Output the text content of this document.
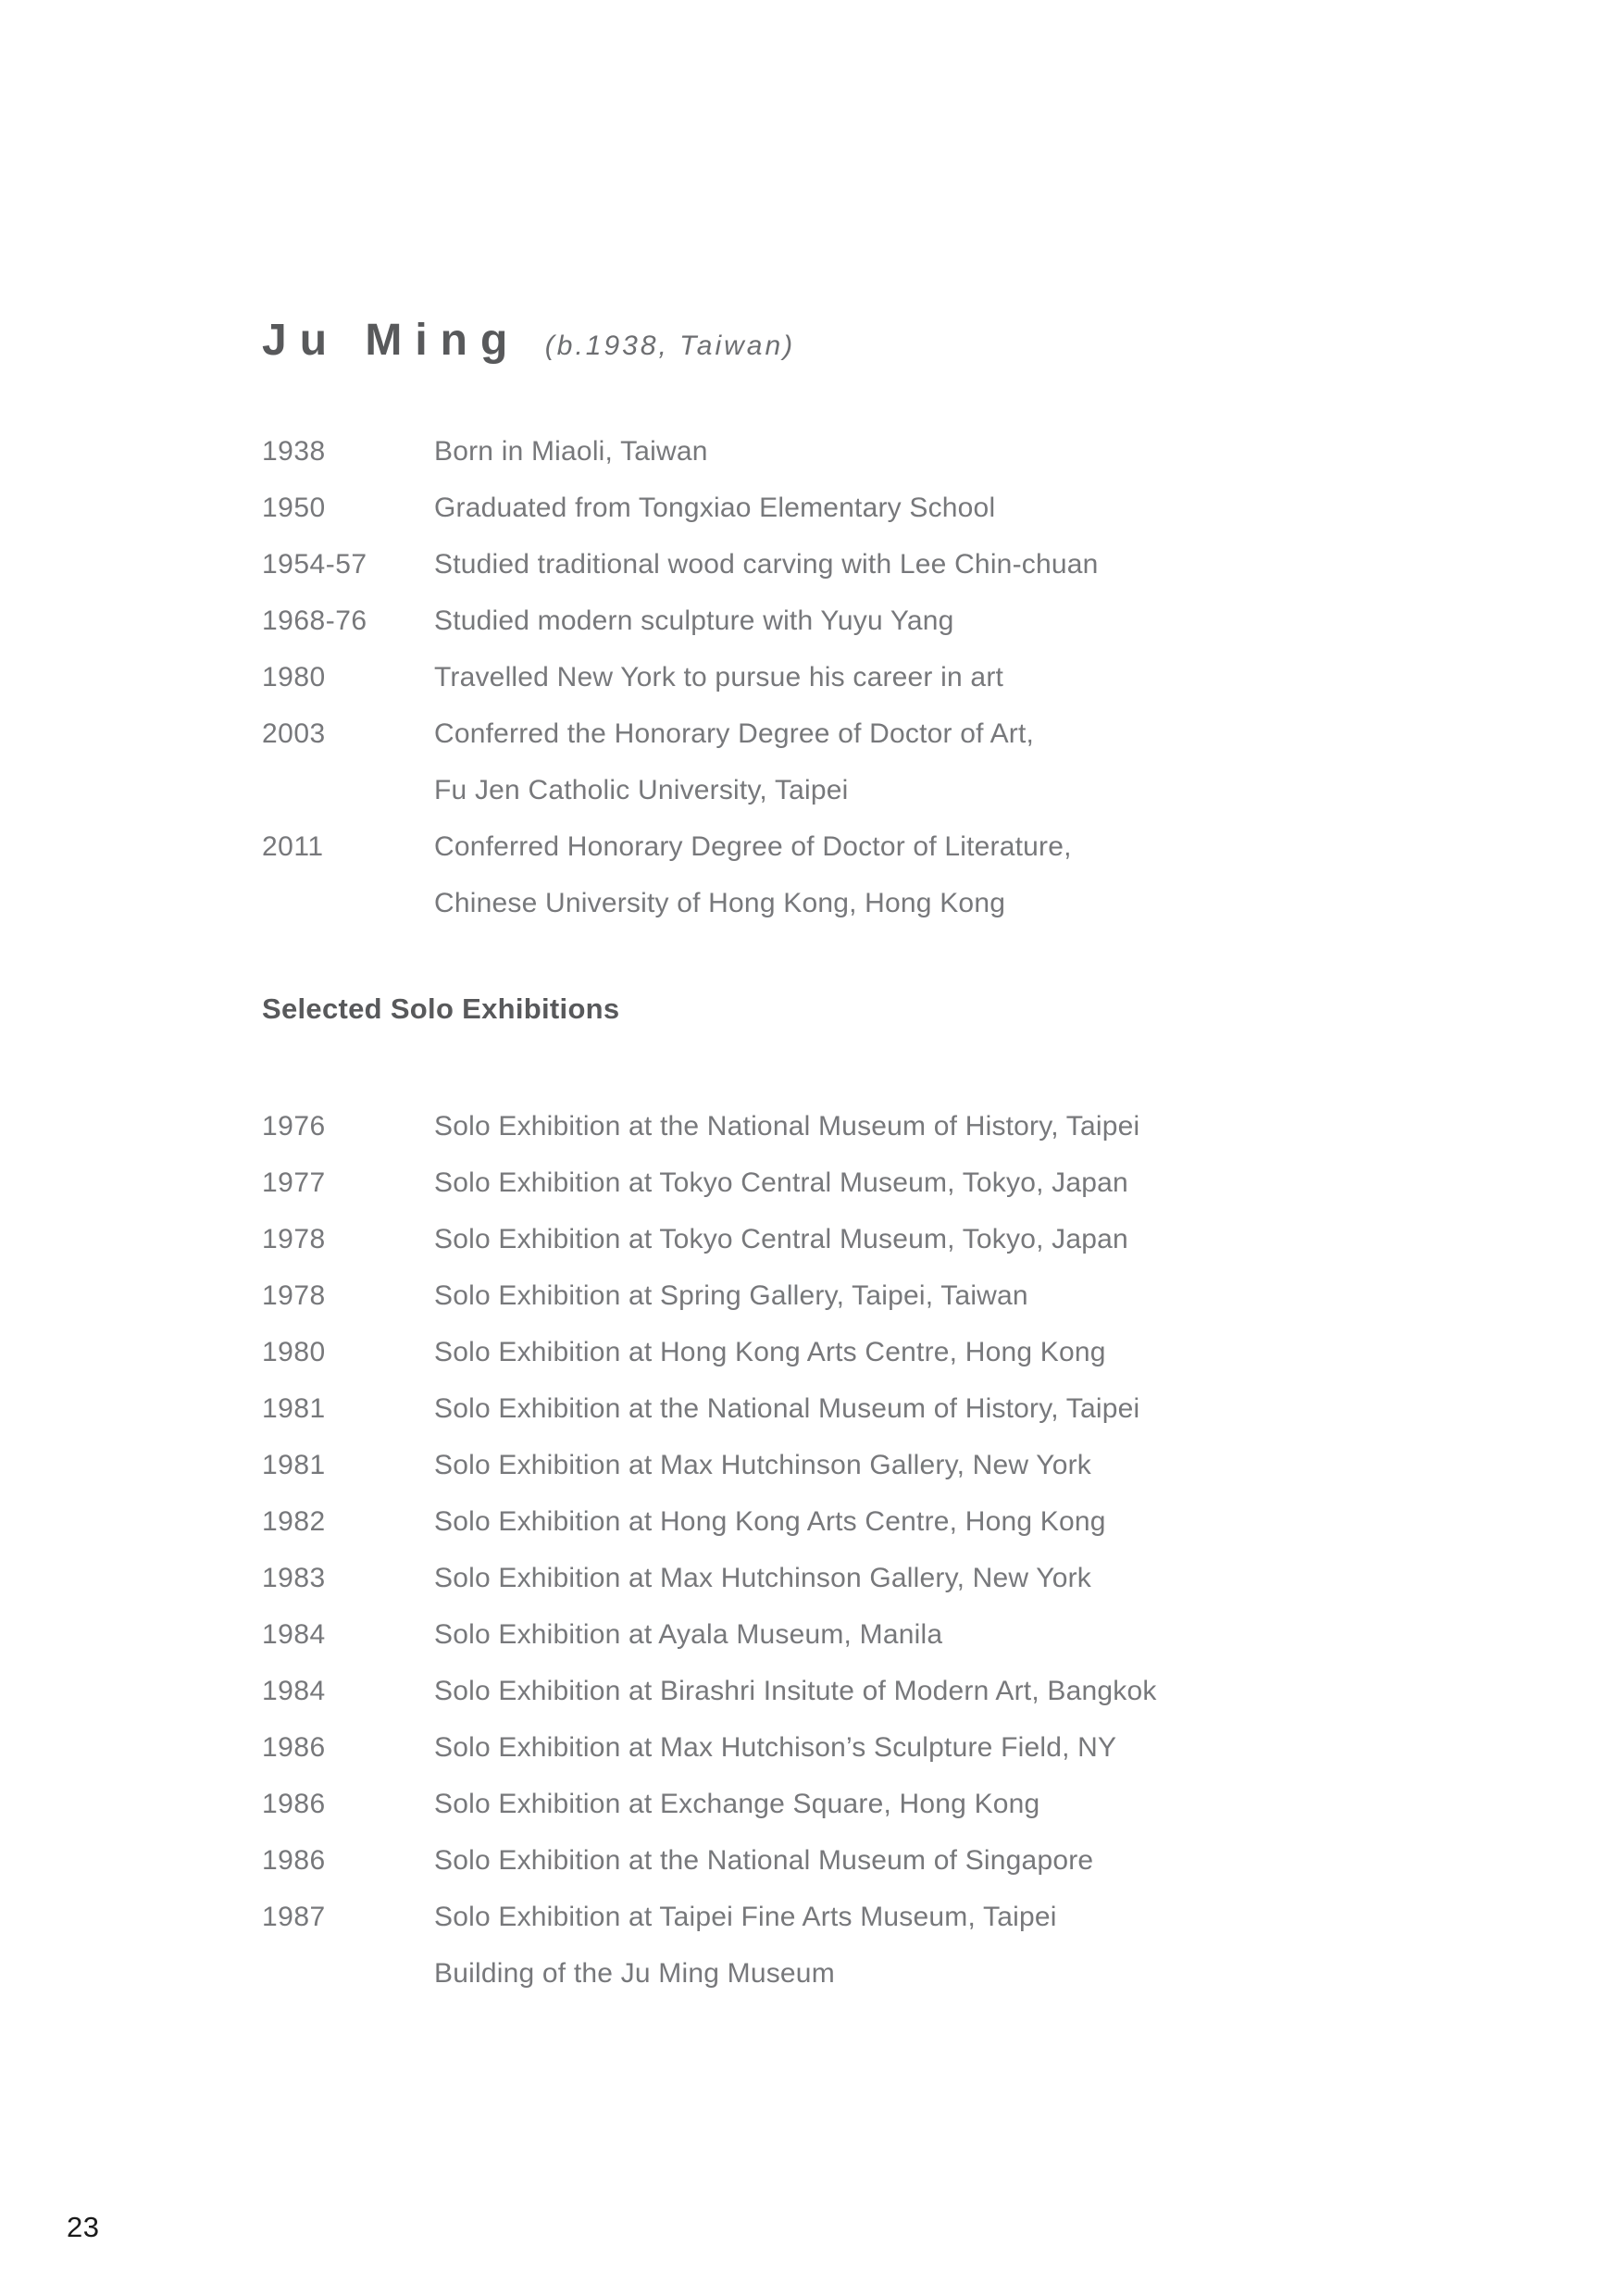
Ju Ming (b.1938, Taiwan)
1938	Born in Miaoli, Taiwan
1950	Graduated from Tongxiao Elementary School
1954-57	Studied traditional wood carving with Lee Chin-chuan
1968-76	Studied modern sculpture with Yuyu Yang
1980	Travelled New York to pursue his career in art
2003	Conferred the Honorary Degree of Doctor of Art,
Fu Jen Catholic University, Taipei
2011	Conferred Honorary Degree of Doctor of Literature,
Chinese University of Hong Kong, Hong Kong
Selected Solo Exhibitions
1976	Solo Exhibition at the National Museum of History, Taipei
1977	Solo Exhibition at Tokyo Central Museum, Tokyo, Japan
1978	Solo Exhibition at Tokyo Central Museum, Tokyo, Japan
1978	Solo Exhibition at Spring Gallery, Taipei, Taiwan
1980	Solo Exhibition at Hong Kong Arts Centre, Hong Kong
1981	Solo Exhibition at the National Museum of History, Taipei
1981	Solo Exhibition at Max Hutchinson Gallery, New York
1982	Solo Exhibition at Hong Kong Arts Centre, Hong Kong
1983	Solo Exhibition at Max Hutchinson Gallery, New York
1984	Solo Exhibition at Ayala Museum, Manila
1984	Solo Exhibition at Birashri Insitute of Modern Art, Bangkok
1986	Solo Exhibition at Max Hutchison’s Sculpture Field, NY
1986	Solo Exhibition at Exchange Square, Hong Kong
1986	Solo Exhibition at the National Museum of Singapore
1987	Solo Exhibition at Taipei Fine Arts Museum, Taipei
Building of the Ju Ming Museum
23
